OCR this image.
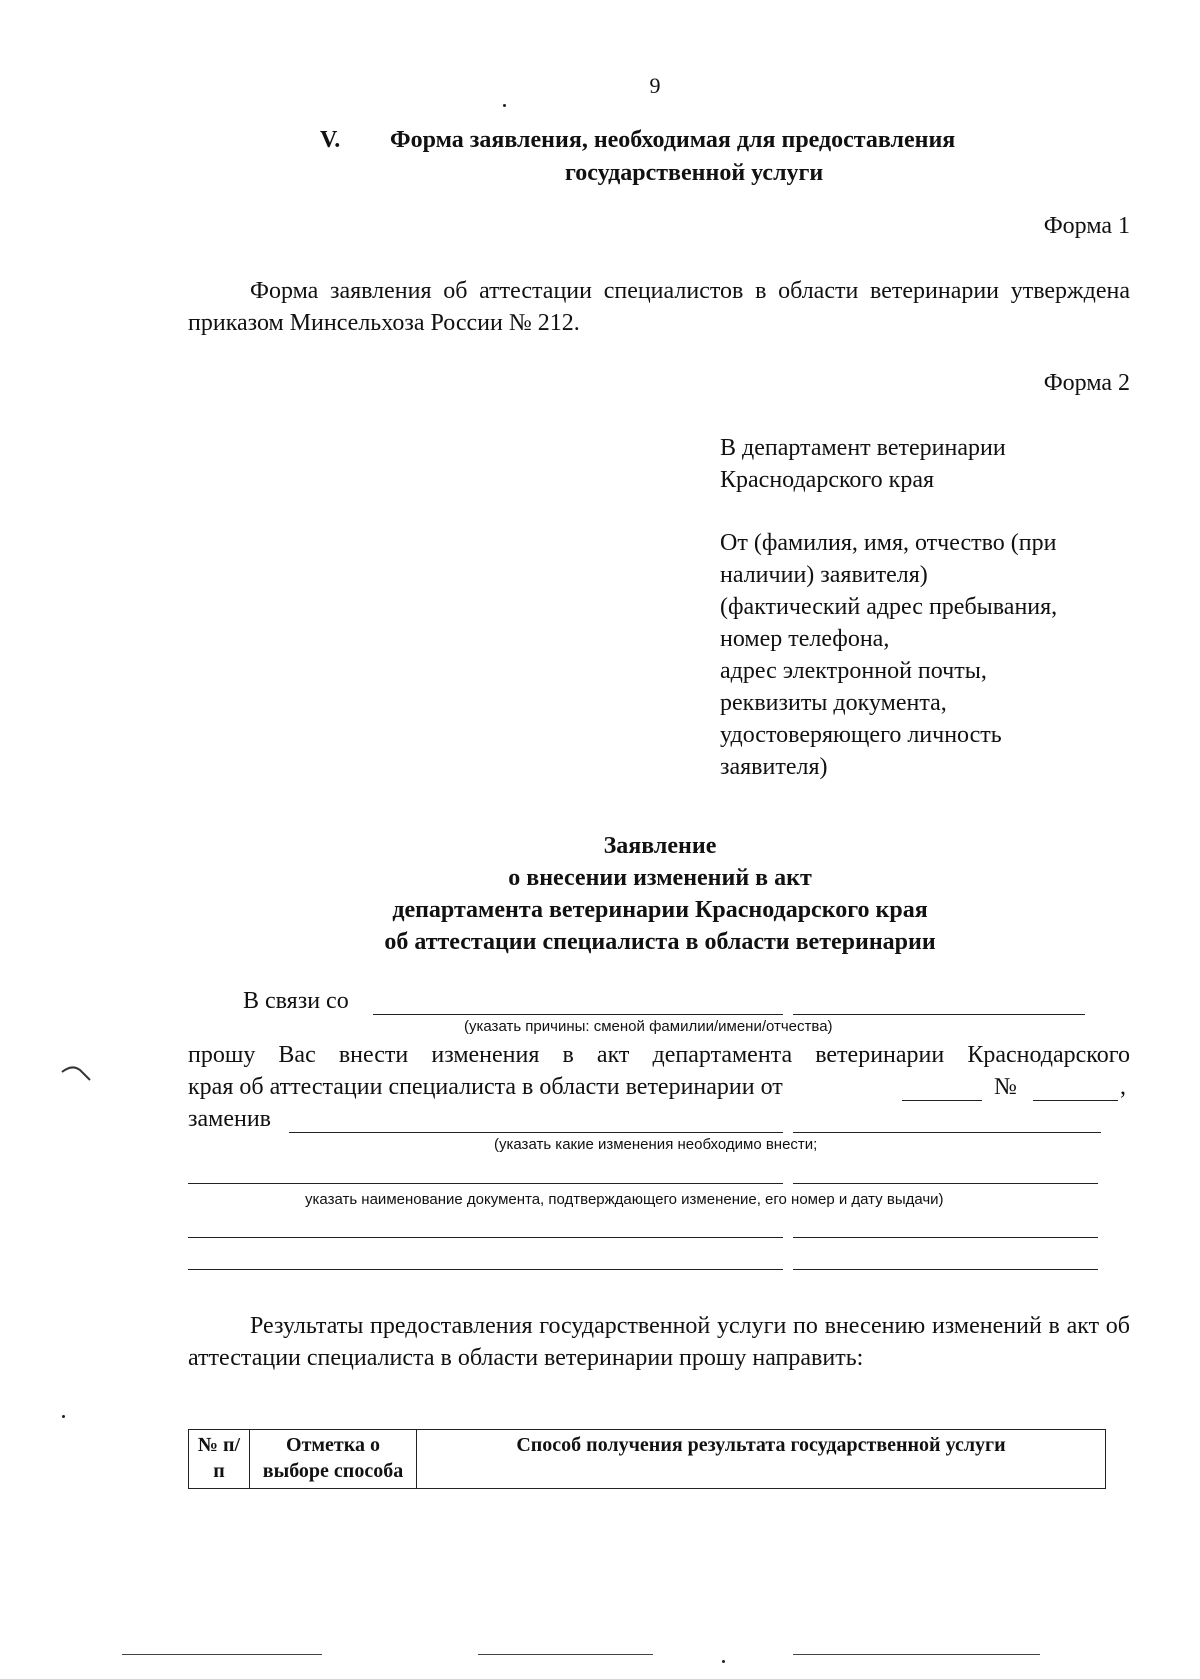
9
V. Форма заявления, необходимая для предоставления
государственной услуги
Форма 1
Форма заявления об аттестации специалистов в области ветеринарии утверждена приказом Минсельхоза России № 212.
Форма 2
В департамент ветеринарии
Краснодарского края
От (фамилия, имя, отчество (при
наличии) заявителя)
(фактический адрес пребывания,
номер телефона,
адрес электронной почты,
реквизиты документа,
удостоверяющего личность
заявителя)
Заявление
о внесении изменений в акт
департамента ветеринарии Краснодарского края
об аттестации специалиста в области ветеринарии
В связи со
(указать причины: сменой фамилии/имени/отчества)
прошу Вас внести изменения в акт департамента ветеринарии Краснодарского
края об аттестации специалиста в области ветеринарии от	№	,
заменив
(указать какие изменения необходимо внести;
указать наименование документа, подтверждающего изменение, его номер и дату выдачи)
Результаты предоставления государственной услуги по внесению изменений в акт об аттестации специалиста в области ветеринарии прошу направить:
№ п/п	Отметка о выборе способа	Способ получения результата государственной услуги
